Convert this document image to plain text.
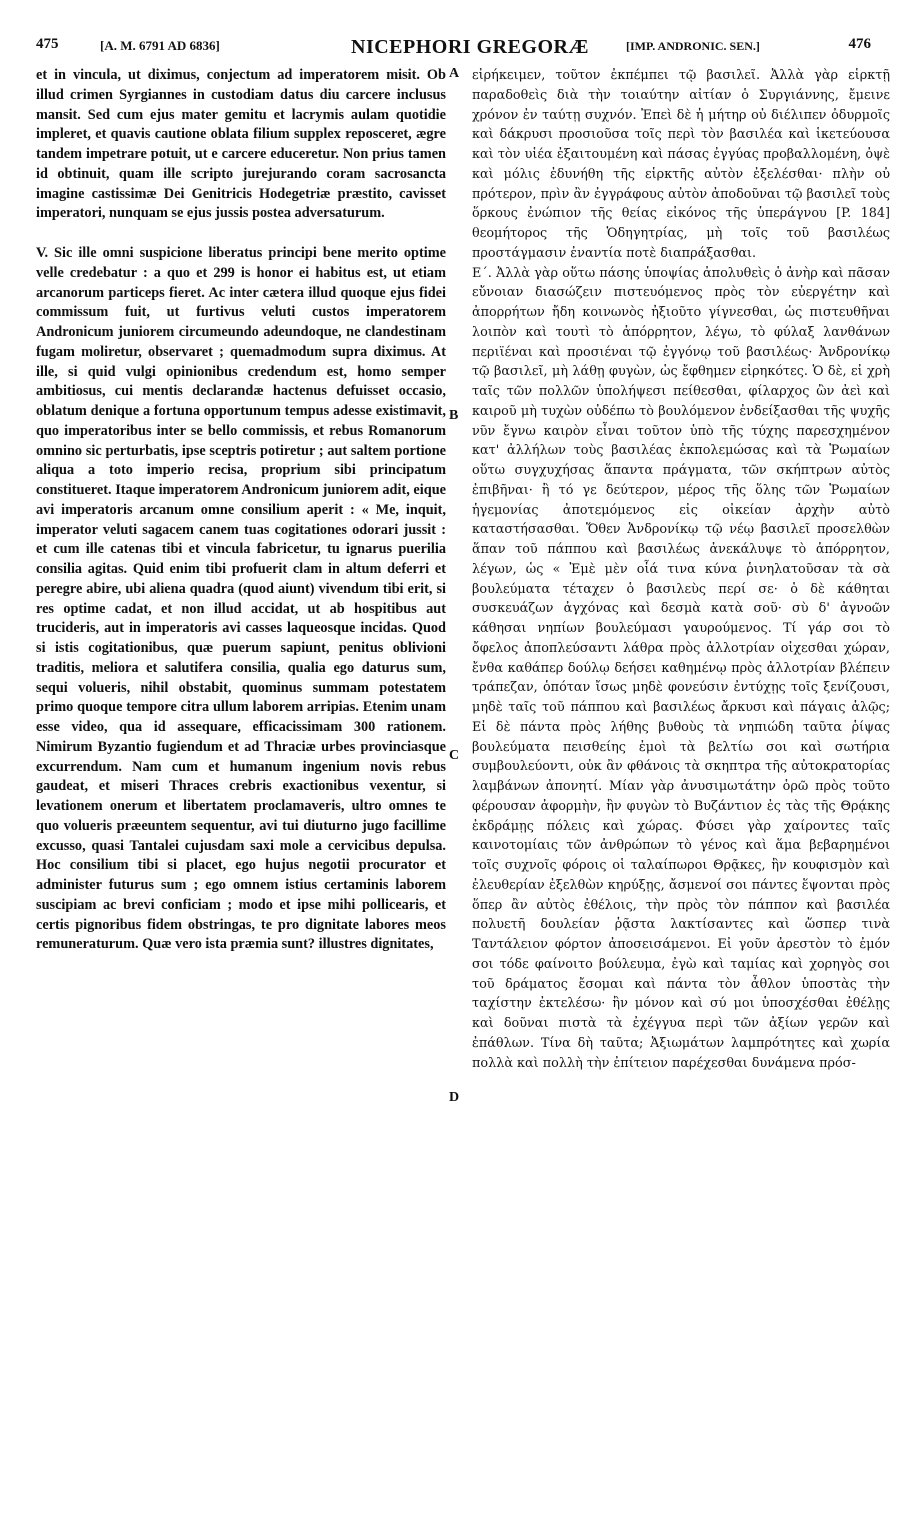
475	[A. M. 6791 AD 6836]	NICEPHORI GREGORÆ	[IMP. ANDRONIC. SEN.]	476

et in vincula, ut diximus, conjectum ad imperatorem misit. Ob illud crimen Syrgiannes in custodiam datus diu carcere inclusus mansit. Sed cum ejus mater gemitu et lacrymis aulam quotidie impleret, et quavis cautione oblata filium supplex reposceret, ægre tandem impetrare potuit, ut e carcere educeretur. Non prius tamen id obtinuit, quam ille scripto jurejurando coram sacrosancta imagine castissimæ Dei Genitricis Hodegetriæ præstito, cavisset imperatori, nunquam se ejus jussis postea adversaturum.

V. Sic ille omni suspicione liberatus principi bene merito optime velle credebatur : a quo et 299 is honor ei habitus est, ut etiam arcanorum particeps fieret. Ac inter cætera illud quoque ejus fidei commissum fuit, ut furtivus veluti custos imperatorem Andronicum juniorem circumeundo adeundoque, ne clandestinam fugam moliretur, observaret ; quemadmodum supra diximus. At ille, si quid vulgi opinionibus credendum est, homo semper ambitiosus, cui mentis declarandæ hactenus defuisset occasio, oblatum denique a fortuna opportunum tempus adesse existimavit, quo imperatoribus inter se bello commissis, et rebus Romanorum omnino sic perturbatis, ipse sceptris potiretur ; aut saltem portione aliqua a toto imperio recisa, proprium sibi principatum constitueret. Itaque imperatorem Andronicum juniorem adit, eique avi imperatoris arcanum omne consilium aperit : « Me, inquit, imperator veluti sagacem canem tuas cogitationes odorari jussit : et cum ille catenas tibi et vincula fabricetur, tu ignarus puerilia consilia agitas. Quid enim tibi profuerit clam in altum deferri et peregre abire, ubi aliena quadra (quod aiunt) vivendum tibi erit, si res optime cadat, et non illud accidat, ut ab hospitibus aut trucideris, aut in imperatoris avi casses laqueosque incidas. Quod si istis cogitationibus, quæ puerum sapiunt, penitus oblivioni traditis, meliora et salutifera consilia, qualia ego daturus sum, sequi volueris, nihil obstabit, quominus summam potestatem primo quoque tempore citra ullum laborem arripias. Etenim unam esse video, qua id assequare, efficacissimam 300 rationem. Nimirum Byzantio fugiendum et ad Thraciæ urbes provinciasque excurrendum. Nam cum et humanum ingenium novis rebus gaudeat, et miseri Thraces crebris exactionibus vexentur, si levationem onerum et libertatem proclamaveris, ultro omnes te quo volueris præeuntem sequentur, avi tui diuturno jugo facillime excusso, quasi Tantalei cujusdam saxi mole a cervicibus depulsa. Hoc consilium tibi si placet, ego hujus negotii procurator et administer futurus sum ; ego omnem istius certaminis laborem suscipiam ac brevi conficiam ; modo et ipse mihi pollicearis, et certis pignoribus fidem obstringas, te pro dignitate labores meos remuneraturum. Quæ vero ista præmia sunt? illustres dignitates,

εἰρήκειμεν, τοῦτον ἐκπέμπει τῷ βασιλεῖ. Ἀλλὰ γὰρ εἱρκτῇ παραδοθεὶς διὰ τὴν τοιαύτην αἰτίαν ὁ Συργιάννης, ἔμεινε χρόνον ἐν ταύτῃ συχνόν. Ἐπεὶ δὲ ἡ μήτηρ οὐ διέλιπεν ὀδυρμοῖς καὶ δάκρυσι προσιοῦσα τοῖς περὶ τὸν βασιλέα καὶ ἱκετεύουσα καὶ τὸν υἱέα ἐξαιτουμένη καὶ πάσας ἐγγύας προβαλλομένη, ὀψὲ καὶ μόλις ἐδυνήθη τῆς εἱρκτῆς αὐτὸν ἐξελέσθαι· πλὴν οὐ πρότερον, πρὶν ἂν ἐγγράφους αὐτὸν ἀποδοῦναι τῷ βασιλεῖ τοὺς ὅρκους ἐνώπιον τῆς θείας εἰκόνος τῆς ὑπεράγνου [P. 184] θεομήτορος τῆς Ὁδηγητρίας, μὴ τοῖς τοῦ βασιλέως προστάγμασιν ἐναντία ποτὲ διαπράξασθαι.

Ε΄. Ἀλλὰ γὰρ οὕτω πάσης ὑποψίας ἀπολυθεὶς ὁ ἀνὴρ καὶ πᾶσαν εὔνοιαν διασώζειν πιστευόμενος πρὸς τὸν εὐεργέτην καὶ ἀπορρήτων ἤδη κοινωνὸς ἠξιοῦτο γίγνεσθαι, ὡς πιστευθῆναι λοιπὸν καὶ τουτὶ τὸ ἀπόρρητον, λέγω, τὸ φύλαξ λανθάνων περιϊέναι καὶ προσιέναι τῷ ἐγγόνῳ τοῦ βασιλέως· Ἀνδρονίκῳ τῷ βασιλεῖ, μὴ λάθῃ φυγὼν, ὡς ἔφθημεν εἰρηκότες. Ὁ δὲ, εἰ χρὴ ταῖς τῶν πολλῶν ὑπολήψεσι πείθεσθαι, φίλαρχος ὢν ἀεὶ καὶ καιροῦ μὴ τυχὼν οὐδέπω τὸ βουλόμενον ἐνδείξασθαι τῆς ψυχῆς νῦν ἔγνω καιρὸν εἶναι τοῦτον ὑπὸ τῆς τύχης παρεσχημένον κατ' ἀλλήλων τοὺς βασιλέας ἐκπολεμώσας καὶ τὰ Ῥωμαίων οὕτω συγχυχήσας ἅπαντα πράγματα, τῶν σκήπτρων αὐτὸς ἐπιβῆναι· ἢ τό γε δεύτερον, μέρος τῆς ὅλης τῶν Ῥωμαίων ἡγεμονίας ἀποτεμόμενος εἰς οἰκείαν ἀρχὴν αὐτὸ καταστήσασθαι. Ὅθεν Ἀνδρονίκῳ τῷ νέῳ βασιλεῖ προσελθὼν ἅπαν τοῦ πάππου καὶ βασιλέως ἀνεκάλυψε τὸ ἀπόρρητον, λέγων, ὡς « Ἐμὲ μὲν οἷά τινα κύνα ῥινηλατοῦσαν τὰ σὰ βουλεύματα τέταχεν ὁ βασιλεὺς περί σε· ὁ δὲ κάθηται συσκευάζων ἀγχόνας καὶ δεσμὰ κατὰ σοῦ· σὺ δ' ἀγνοῶν κάθησαι νηπίων βουλεύμασι γαυρούμενος. Τί γάρ σοι τὸ ὄφελος ἀποπλεύσαντι λάθρα πρὸς ἀλλοτρίαν οἰχεσθαι χώραν, ἔνθα καθάπερ δούλῳ δεήσει καθημένῳ πρὸς ἀλλοτρίαν βλέπειν τράπεζαν, ὁπόταν ἴσως μηδὲ φονεύσιν ἐντύχῃς τοῖς ξενίζουσι, μηδὲ ταῖς τοῦ πάππου καὶ βασιλέως ἄρκυσι καὶ πάγαις ἁλῷς; Εἰ δὲ πάντα πρὸς λήθης βυθοὺς τὰ νηπιώδη ταῦτα ῥίψας βουλεύματα πεισθείης ἐμοὶ τὰ βελτίω σοι καὶ σωτήρια συμβουλεύοντι, οὐκ ἂν φθάνοις τὰ σκηπτρα τῆς αὐτοκρατορίας λαμβάνων ἀπονητί. Μίαν γὰρ ἀνυσιμωτάτην ὁρῶ πρὸς τοῦτο φέρουσαν ἀφορμὴν, ἣν φυγὼν τὸ Βυζάντιον ἐς τὰς τῆς Θρᾴκης ἐκδράμῃς πόλεις καὶ χώρας. Φύσει γὰρ χαίροντες ταῖς καινοτομίαις τῶν ἀνθρώπων τὸ γένος καὶ ἅμα βεβαρημένοι τοῖς συχνοῖς φόροις οἱ ταλαίπωροι Θρᾷκες, ἣν κουφισμὸν καὶ ἐλευθερίαν ἐξελθὼν κηρύξῃς, ἄσμενοί σοι πάντες ἕψονται πρὸς ὅπερ ἂν αὐτὸς ἐθέλοις, τὴν πρὸς τὸν πάππον καὶ βασιλέα πολυετῆ δουλείαν ῥᾷστα λακτίσαντες καὶ ὥσπερ τινὰ Ταντάλειον φόρτον ἀποσεισάμενοι. Εἰ γοῦν ἀρεστὸν τὸ ἐμόν σοι τόδε φαίνοιτο βούλευμα, ἐγὼ καὶ ταμίας καὶ χορηγὸς σοι τοῦ δράματος ἔσομαι καὶ πάντα τὸν ἆθλον ὑποστὰς τὴν ταχίστην ἐκτελέσω· ἢν μόνον καὶ σύ μοι ὑποσχέσθαι ἐθέλῃς καὶ δοῦναι πιστὰ τὰ ἐχέγγυα περὶ τῶν ἀξίων γερῶν καὶ ἐπάθλων. Τίνα δὴ ταῦτα; Ἀξιωμάτων λαμπρότητες καὶ χωρία πολλὰ καὶ πολλὴ τὴν ἐπίτειον παρέχεσθαι δυνάμενα πρόσ-

A
B
C
D
